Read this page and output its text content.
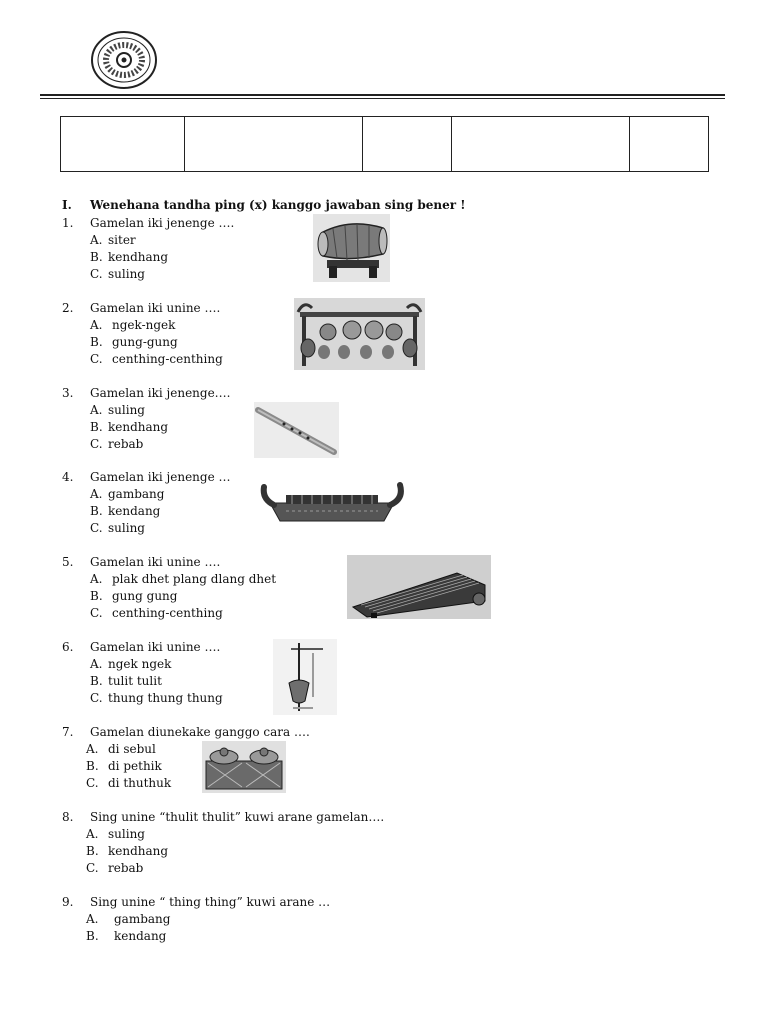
I. Wenehana tandha ping (x) kanggo jawaban sing bener !
1. Gamelan iki jenenge ….
A. siter
B. kendhang
C. suling
2. Gamelan iki unine ….
A. ngek-ngek
B. gung-gung
C. centhing-centhing
3. Gamelan iki jenenge….
A. suling
B. kendhang
C. rebab
4. Gamelan iki jenenge …
A. gambang
B. kendang
C. suling
5. Gamelan iki unine ….
A. plak dhet plang dlang dhet
B. gung gung
C. centhing-centhing
6. Gamelan iki unine ….
A. ngek ngek
B. tulit tulit
C. thung thung thung
7. Gamelan diunekake ganggo cara ….
A. di sebul
B. di pethik
C. di thuthuk
8. Sing unine “thulit thulit” kuwi arane gamelan….
A. suling
B. kendhang
C. rebab
9. Sing unine “ thing thing” kuwi arane …
A. gambang
B. kendang
